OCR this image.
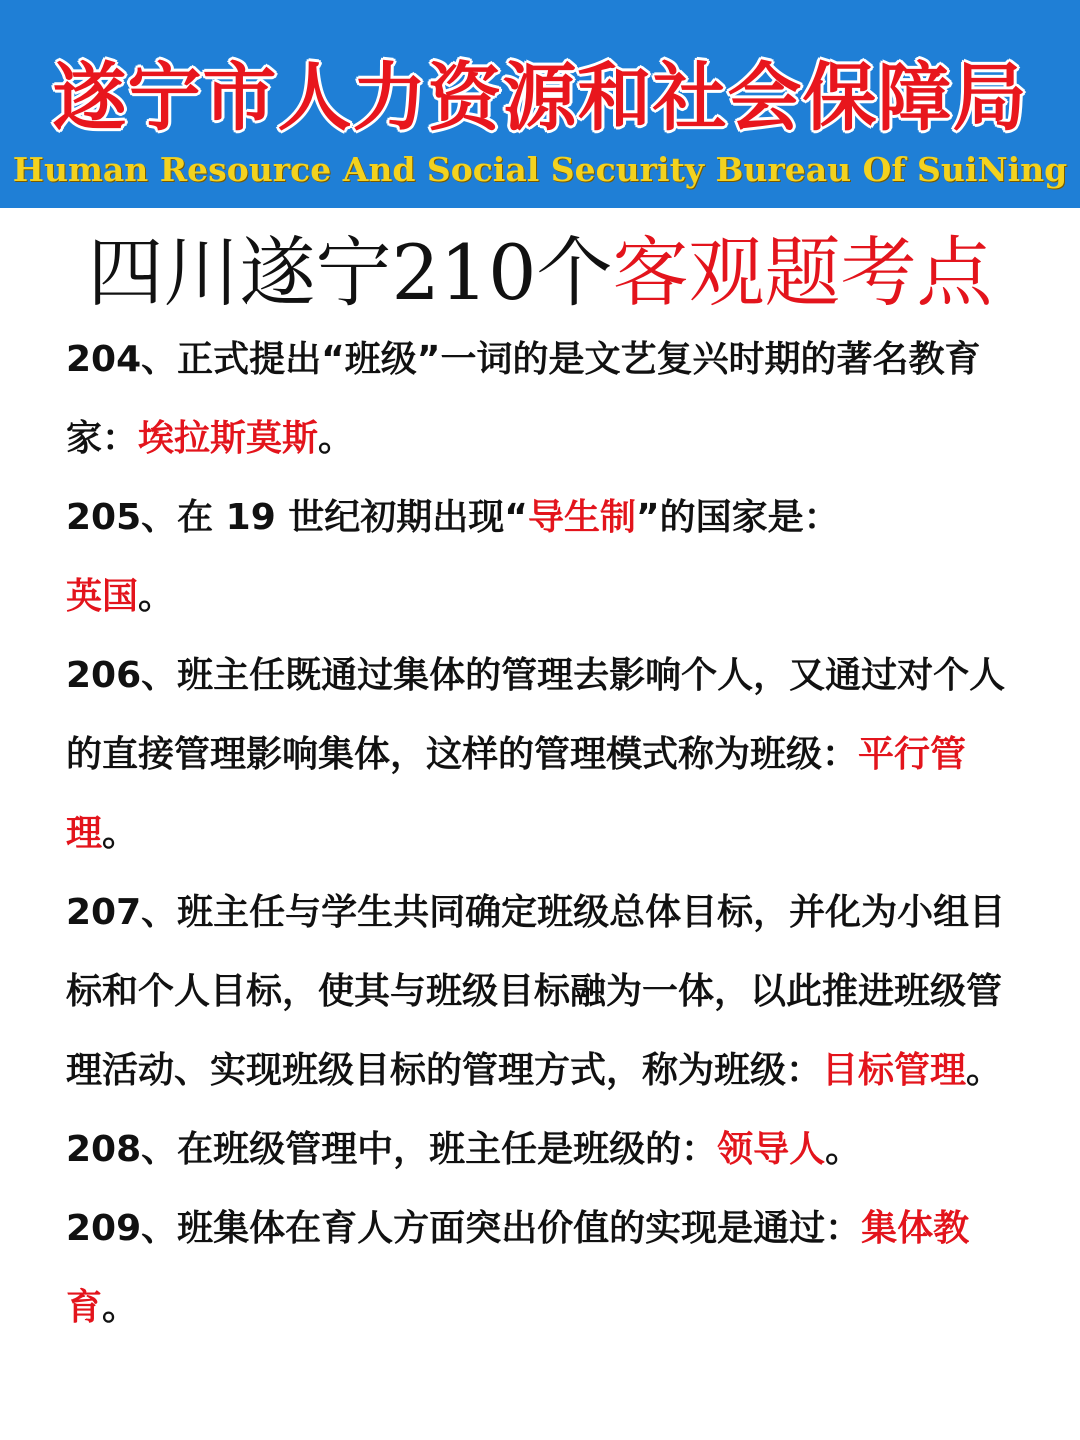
遂宁市人力资源和社会保障局
Human Resource And Social Security Bureau Of SuiNing
四川遂宁210个客观题考点

204、正式提出“班级”一词的是文艺复兴时期的著名教育家：埃拉斯莫斯。

205、在 19 世纪初期出现“导生制”的国家是：
英国。

206、班主任既通过集体的管理去影响个人，又通过对个人的直接管理影响集体，这样的管理模式称为班级：平行管理。

207、班主任与学生共同确定班级总体目标，并化为小组目标和个人目标，使其与班级目标融为一体，以此推进班级管理活动、实现班级目标的管理方式，称为班级：目标管理。

208、在班级管理中，班主任是班级的：领导人。

209、班集体在育人方面突出价值的实现是通过：集体教育。
